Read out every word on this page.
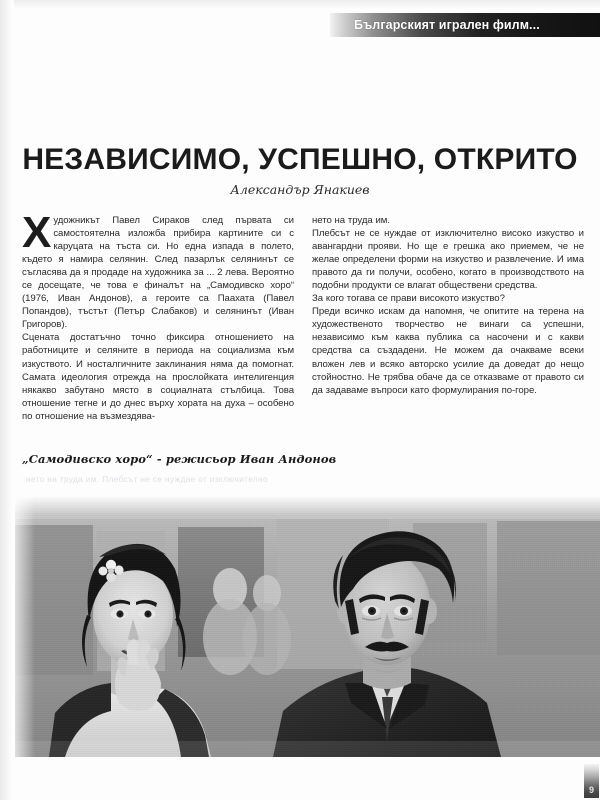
Българският игрален филм...
НЕЗАВИСИМО, УСПЕШНО, ОТКРИТО
Александър Янакиев

Художникът Павел Сираков след първата си самостоятелна изложба прибира картините си с каруцата на тъста си. Но една изпада в полето, където я намира селянин. След пазарлък селянинът се съгласява да я продаде на художника за ... 2 лева. Вероятно се досещате, че това е финалът на „Самодивско хоро“ (1976, Иван Андонов), а героите са Паахата (Павел Попандов), тъстът (Петър Слабаков) и селянинът (Иван Григоров).

Сцената достатъчно точно фиксира отношението на работниците и селяните в периода на социализма към изкуството. И носталгичните заклинания няма да помогнат. Самата идеология отрежда на прослойката интелигенция някакво забутано място в социалната стълбица. Това отношение тегне и до днес върху хората на духа – особено по отношение на възмездява-

нето на труда им.

Плебсът не се нуждае от изключително високо изкуство и авангардни прояви. Но ще е грешка ако приемем, че не желае определени форми на изкуство и развлечение. И има правото да ги получи, особено, когато в производството на подобни продукти се влагат обществени средства.

За кого тогава се прави високото изкуство?

Преди всичко искам да напомня, че опитите на терена на художественото творчество не винаги са успешни, независимо към каква публика са насочени и с какви средства са създадени. Не можем да очакваме всеки вложен лев и всяко авторско усилие да доведат до нещо стойностно. Не трябва обаче да се отказваме от правото си да задаваме въпроси като формулирания по-горе.

„Самодивско хоро“ - режисьор Иван Андонов
нето на труда им. Плебсът не се нуждае от изключително
9
